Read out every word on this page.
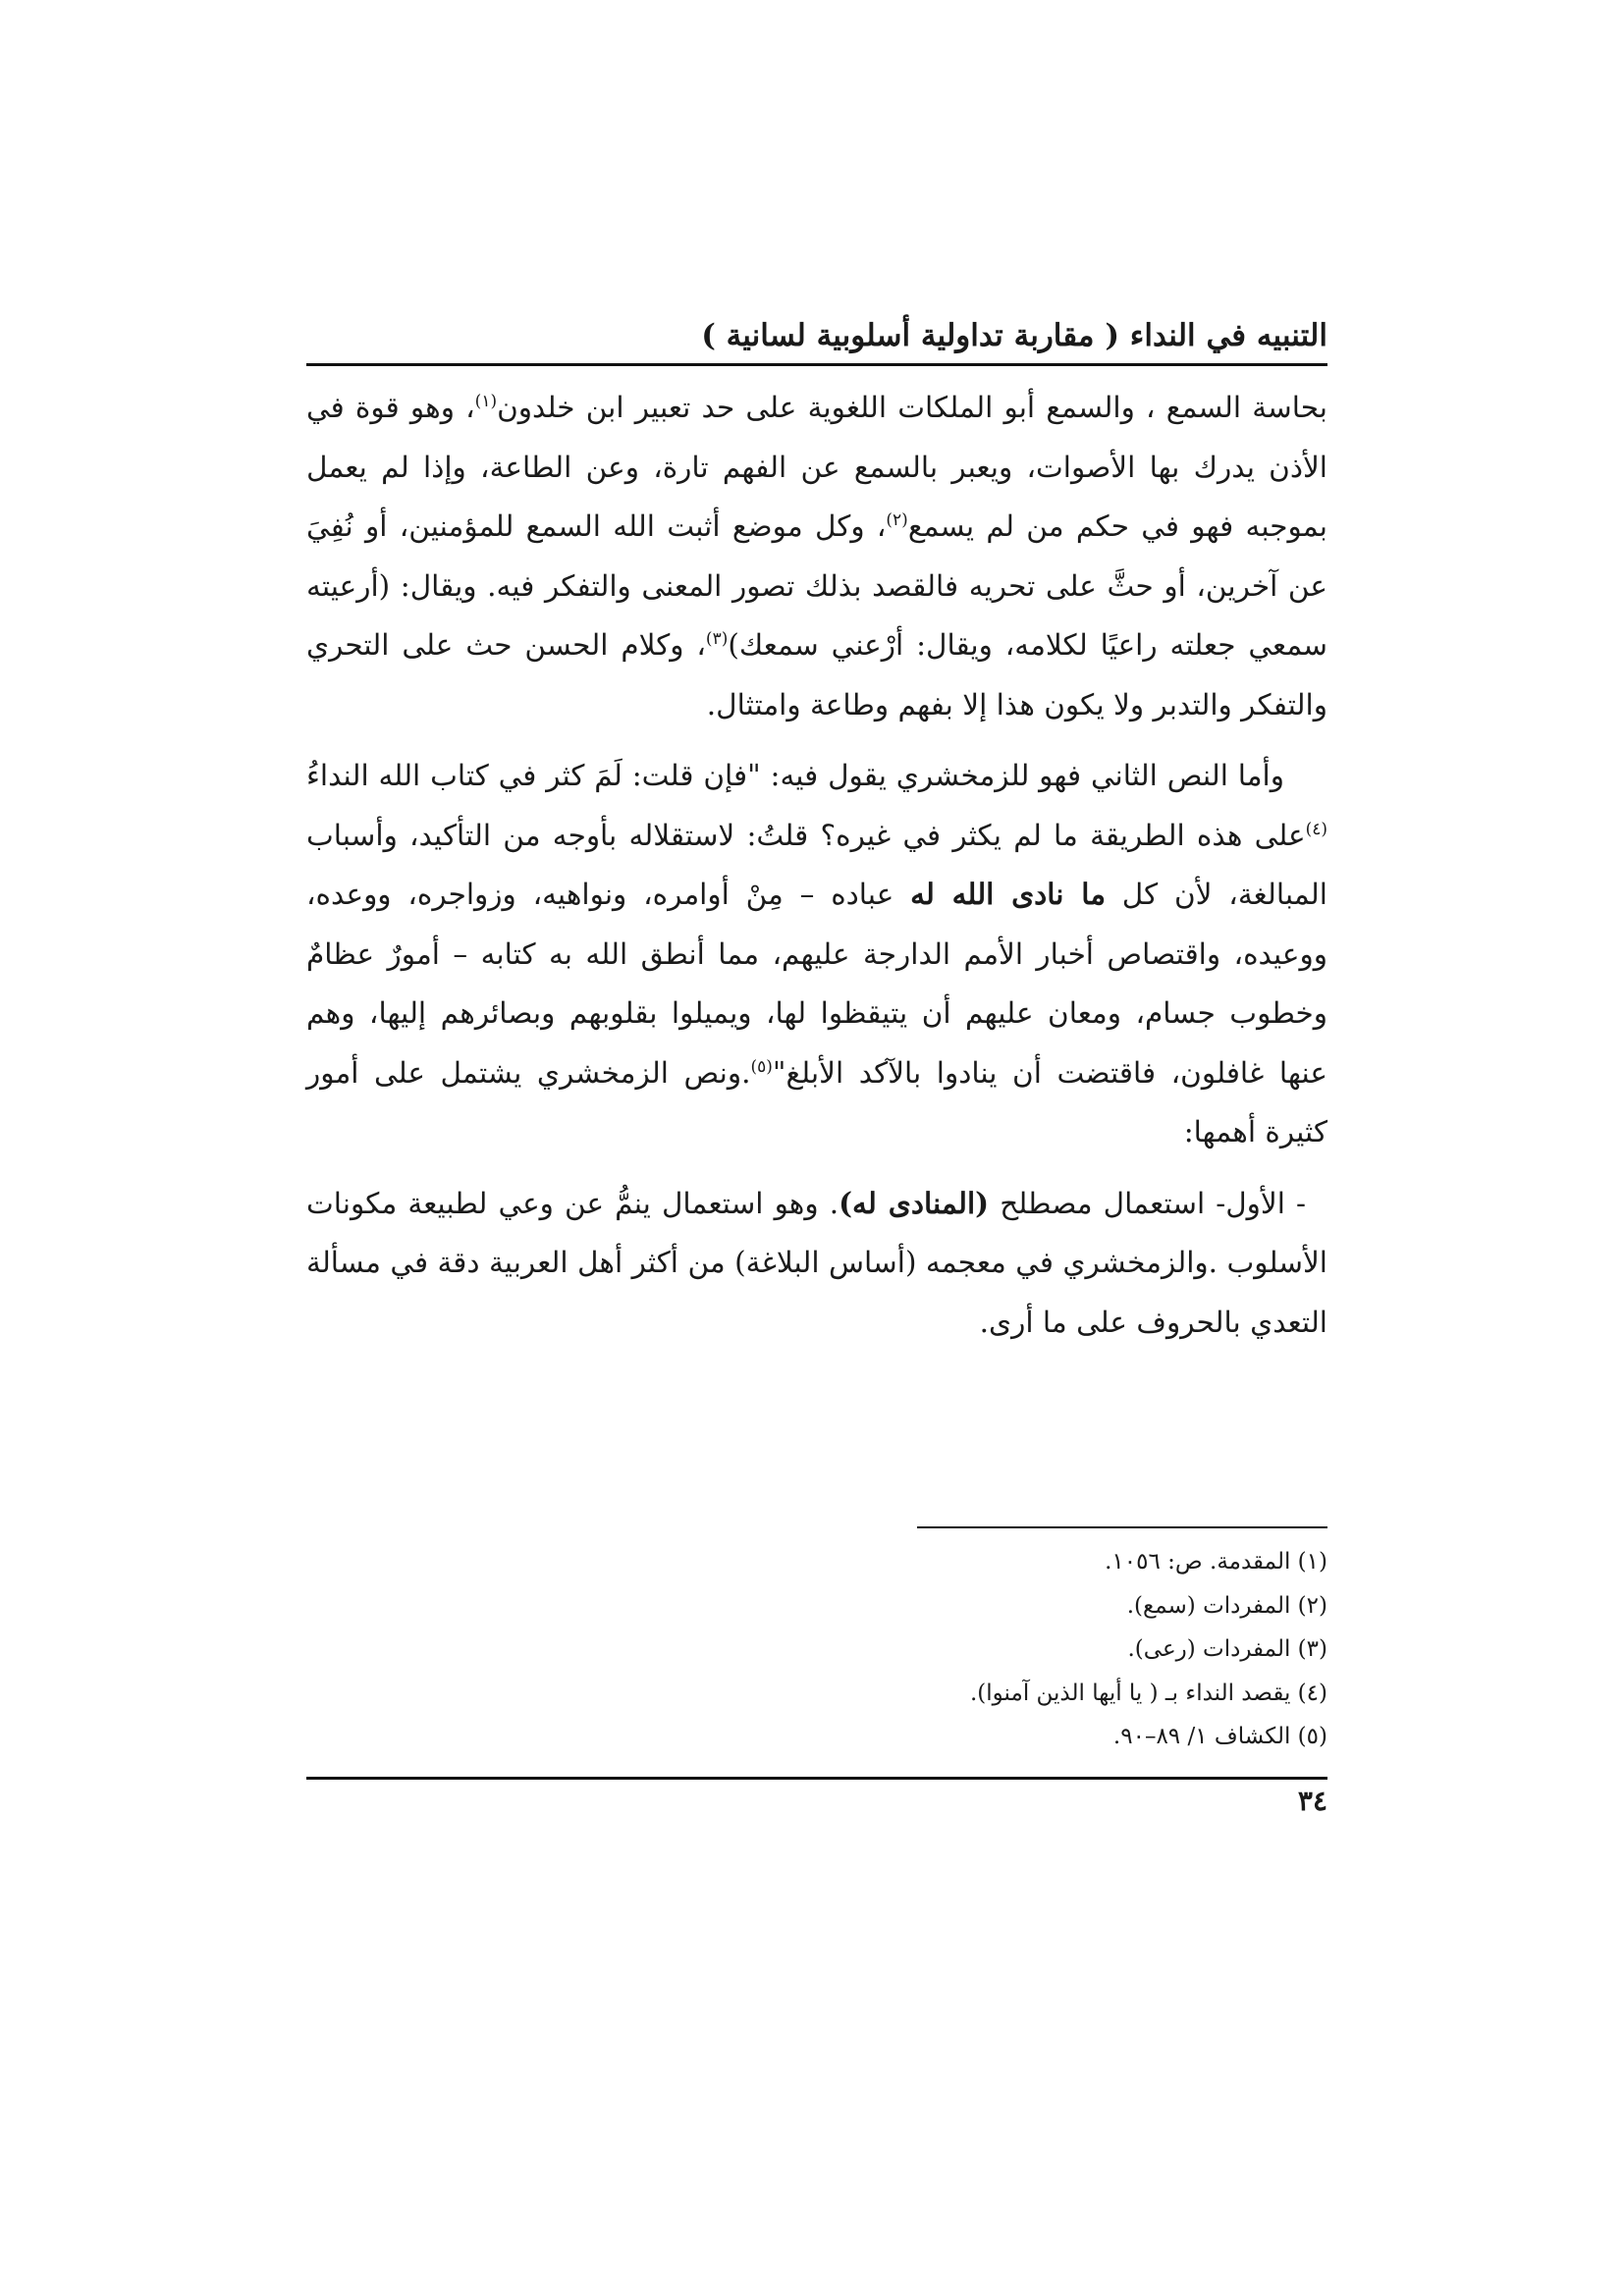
التنبيه في النداء ( مقاربة تداولية أسلوبية لسانية )

بحاسة السمع ، والسمع أبو الملكات اللغوية على حد تعبير ابن خلدون$^{(١)}$، وهو قوة في الأذن يدرك بها الأصوات، ويعبر بالسمع عن الفهم تارة، وعن الطاعة، وإذا لم يعمل بموجبه فهو في حكم من لم يسمع$^{(٢)}$، وكل موضع أثبت الله السمع للمؤمنين، أو نُفِيَ عن آخرين، أو حثَّ على تحريه فالقصد بذلك تصور المعنى والتفكر فيه. ويقال: (أرعيته سمعي جعلته راعيًا لكلامه، ويقال: أرْعني سمعك)$^{(٣)}$، وكلام الحسن حث على التحري والتفكر والتدبر ولا يكون هذا إلا بفهم وطاعة وامتثال.

وأما النص الثاني فهو للزمخشري يقول فيه: "فإن قلت: لَمَ كثر في كتاب الله النداءُ $^{(٤)}$على هذه الطريقة ما لم يكثر في غيره؟ قلتُ: لاستقلاله بأوجه من التأكيد، وأسباب المبالغة، لأن كل ما نادى الله له عباده – مِنْ أوامره، ونواهيه، وزواجره، ووعده، ووعيده، واقتصاص أخبار الأمم الدارجة عليهم، مما أنطق الله به كتابه – أمورٌ عظامٌ وخطوب جسام، ومعان عليهم أن يتيقظوا لها، ويميلوا بقلوبهم وبصائرهم إليها، وهم عنها غافلون، فاقتضت أن ينادوا بالآكد الأبلغ"$^{(٥)}$.ونص الزمخشري يشتمل على أمور كثيرة أهمها:

- الأول- استعمال مصطلح (المنادى له). وهو استعمال ينمُّ عن وعي لطبيعة مكونات الأسلوب .والزمخشري في معجمه (أساس البلاغة) من أكثر أهل العربية دقة في مسألة التعدي بالحروف على ما أرى.

(١) المقدمة. ص: ١٠٥٦.
(٢) المفردات (سمع).
(٣) المفردات (رعى).
(٤) يقصد النداء بـ ( يا أيها الذين آمنوا).
(٥) الكشاف ١/ ٨٩–٩٠.
٣٤
